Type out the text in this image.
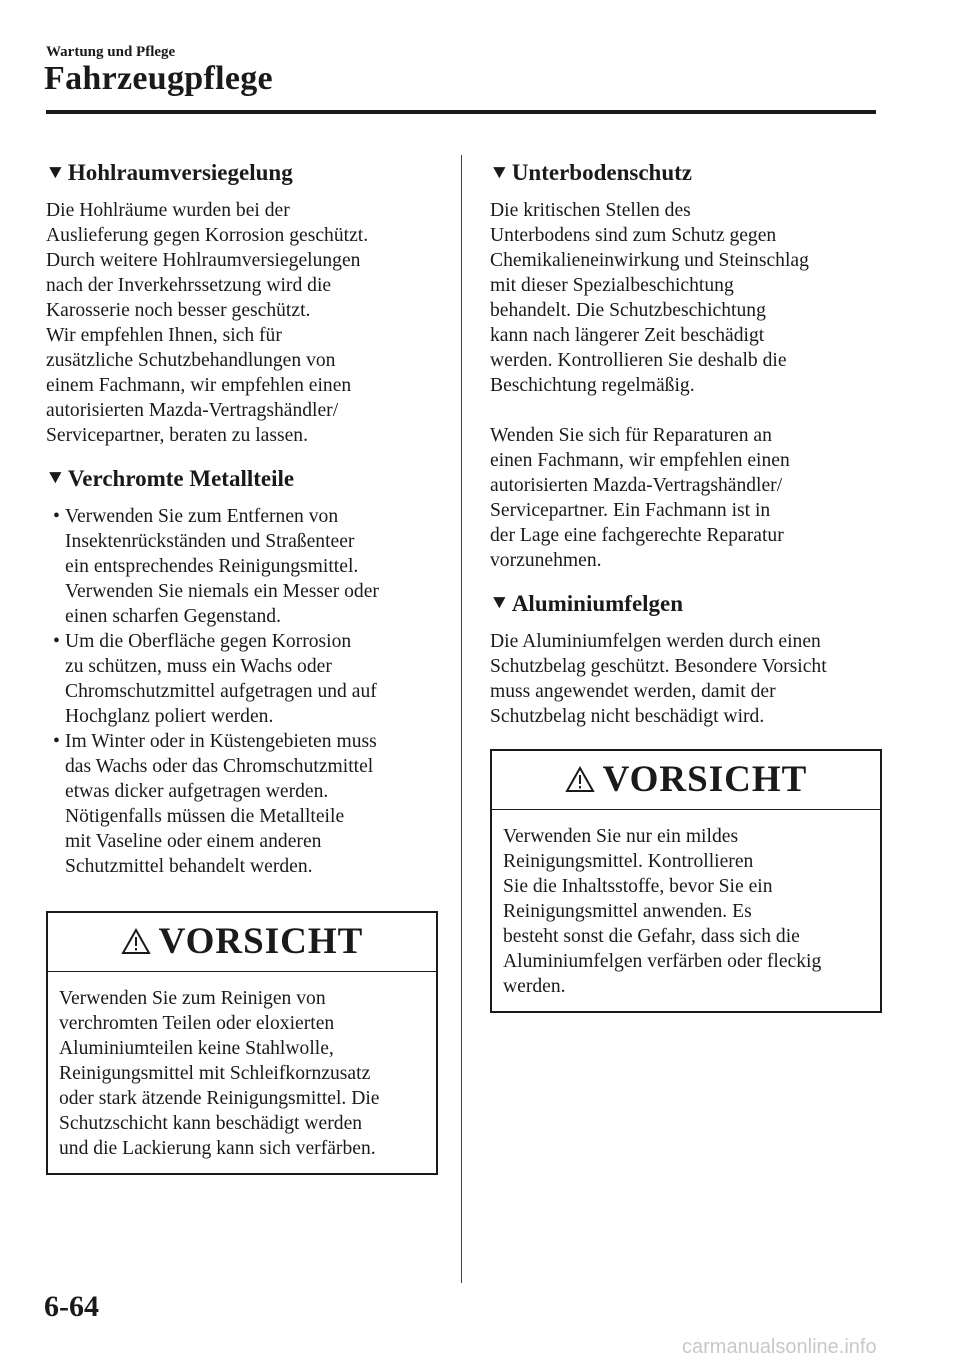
Wartung und Pflege
Fahrzeugpflege
▼ Hohlraumversiegelung

Die Hohlräume wurden bei der
Auslieferung gegen Korrosion geschützt.
Durch weitere Hohlraumversiegelungen
nach der Inverkehrssetzung wird die
Karosserie noch besser geschützt.
Wir empfehlen Ihnen, sich für
zusätzliche Schutzbehandlungen von
einem Fachmann, wir empfehlen einen
autorisierten Mazda-Vertragshändler/
Servicepartner, beraten zu lassen.

▼ Verchromte Metallteile
• Verwenden Sie zum Entfernen von
Insektenrückständen und Straßenteer
ein entsprechendes Reinigungsmittel.
Verwenden Sie niemals ein Messer oder
einen scharfen Gegenstand.
• Um die Oberfläche gegen Korrosion
zu schützen, muss ein Wachs oder
Chromschutzmittel aufgetragen und auf
Hochglanz poliert werden.
• Im Winter oder in Küstengebieten muss
das Wachs oder das Chromschutzmittel
etwas dicker aufgetragen werden.
Nötigenfalls müssen die Metallteile
mit Vaseline oder einem anderen
Schutzmittel behandelt werden.
VORSICHT
Verwenden Sie zum Reinigen von
verchromten Teilen oder eloxierten
Aluminiumteilen keine Stahlwolle,
Reinigungsmittel mit Schleifkornzusatz
oder stark ätzende Reinigungsmittel. Die
Schutzschicht kann beschädigt werden
und die Lackierung kann sich verfärben.
▼ Unterbodenschutz

Die kritischen Stellen des
Unterbodens sind zum Schutz gegen
Chemikalieneinwirkung und Steinschlag
mit dieser Spezialbeschichtung
behandelt. Die Schutzbeschichtung
kann nach längerer Zeit beschädigt
werden. Kontrollieren Sie deshalb die
Beschichtung regelmäßig.

Wenden Sie sich für Reparaturen an
einen Fachmann, wir empfehlen einen
autorisierten Mazda-Vertragshändler/
Servicepartner. Ein Fachmann ist in
der Lage eine fachgerechte Reparatur
vorzunehmen.

▼ Aluminiumfelgen

Die Aluminiumfelgen werden durch einen
Schutzbelag geschützt. Besondere Vorsicht
muss angewendet werden, damit der
Schutzbelag nicht beschädigt wird.

VORSICHT
Verwenden Sie nur ein mildes
Reinigungsmittel. Kontrollieren
Sie die Inhaltsstoffe, bevor Sie ein
Reinigungsmittel anwenden. Es
besteht sonst die Gefahr, dass sich die
Aluminiumfelgen verfärben oder fleckig
werden.
6-64
carmanualsonline.info
